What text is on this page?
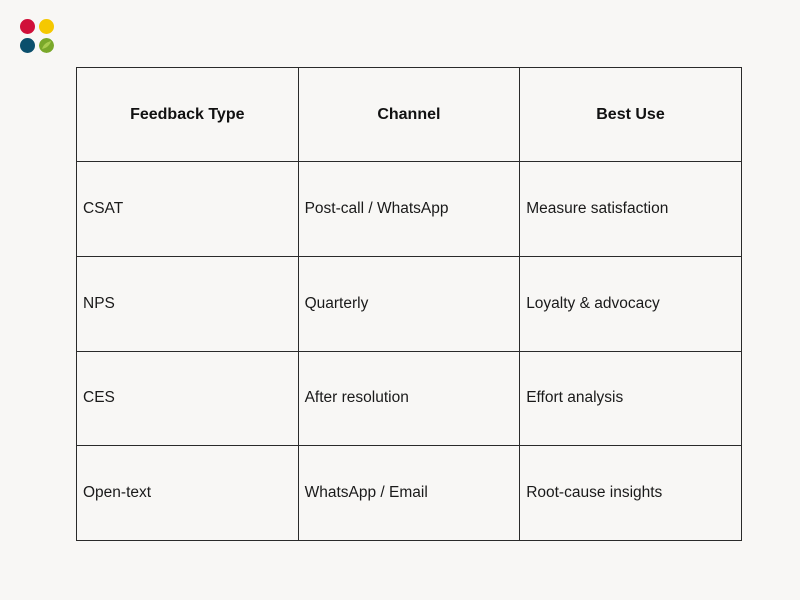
Feedback Type	Channel	Best Use
CSAT	Post-call / WhatsApp	Measure satisfaction
NPS	Quarterly	Loyalty & advocacy
CES	After resolution	Effort analysis
Open-text	WhatsApp / Email	Root-cause insights
